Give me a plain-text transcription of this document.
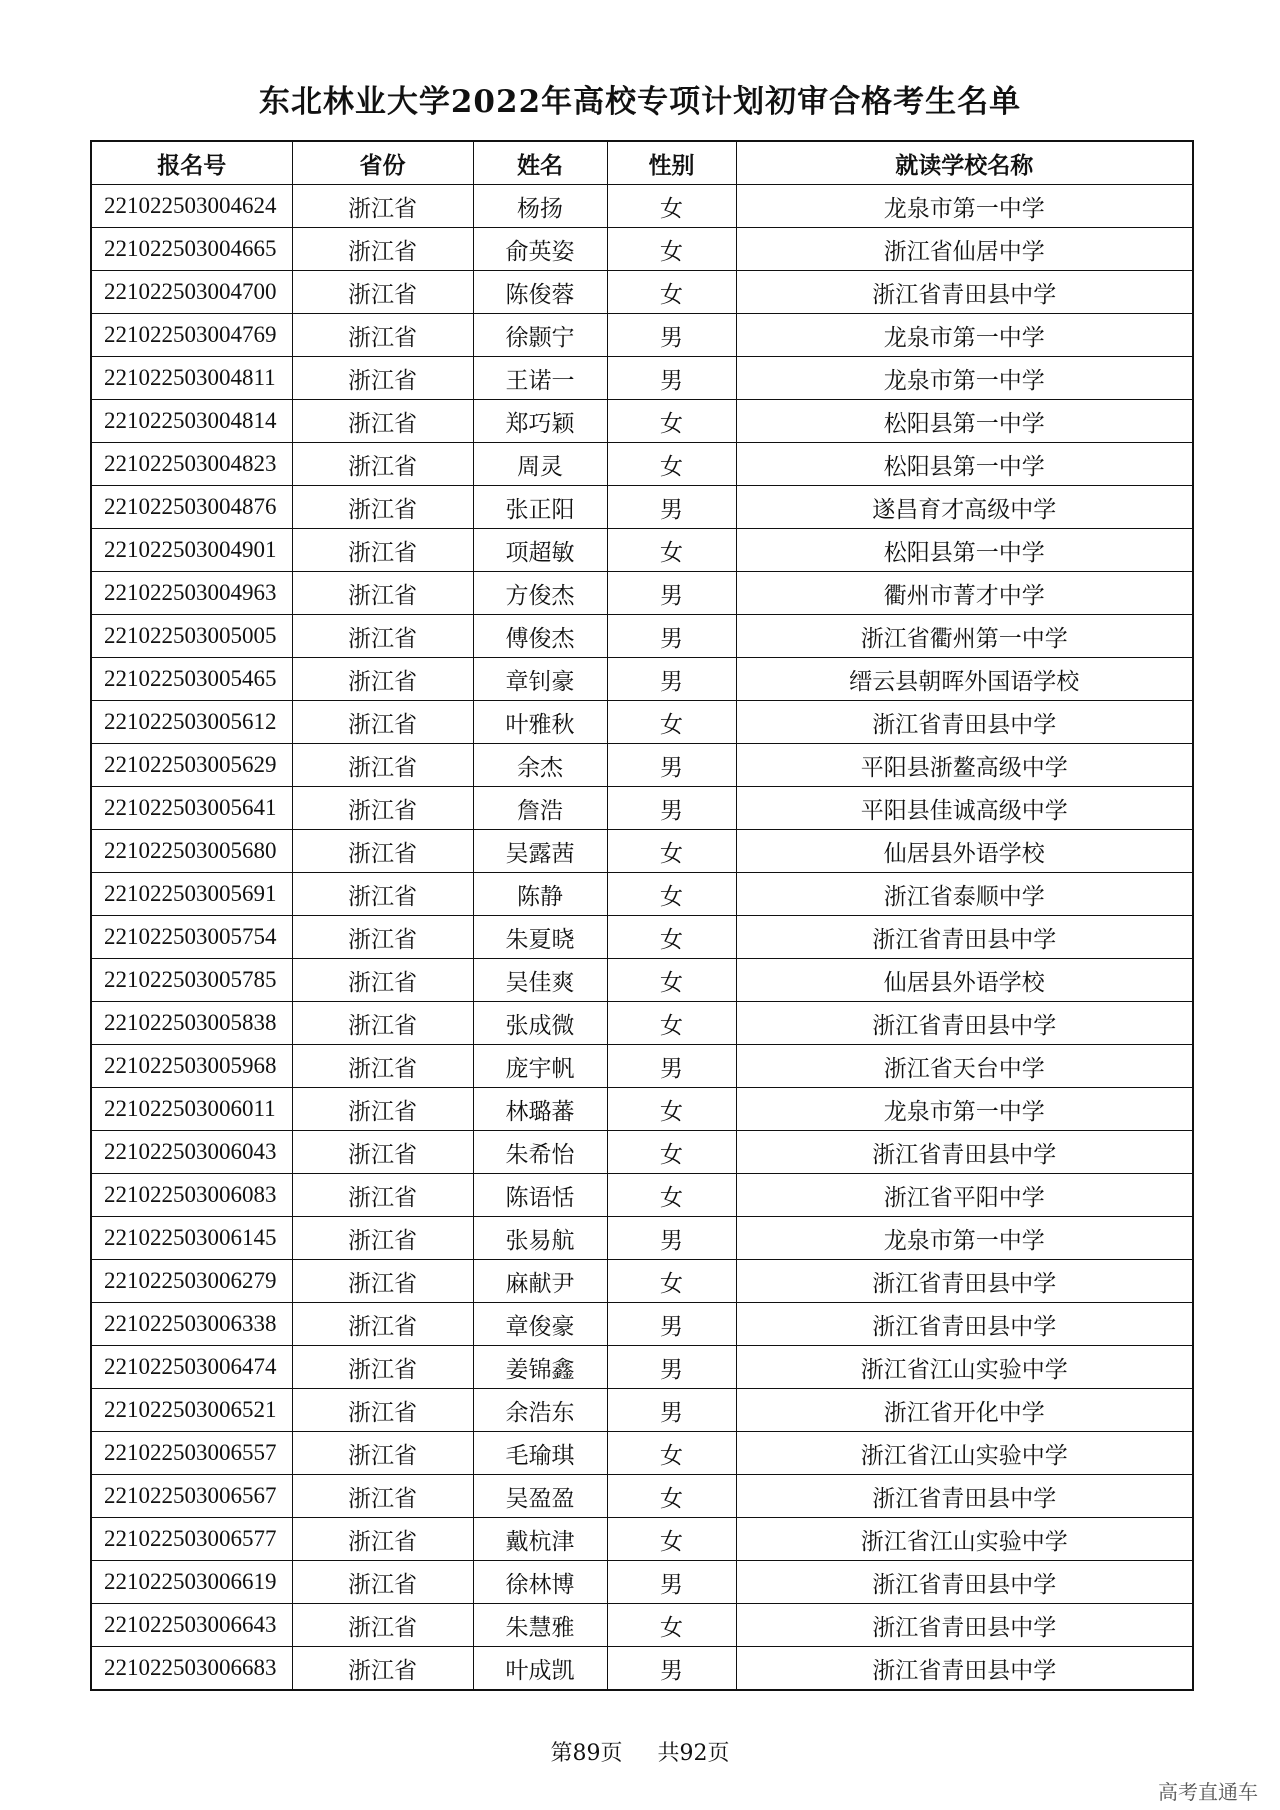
东北林业大学2022年高校专项计划初审合格考生名单
报名号	省份	姓名	性别	就读学校名称
221022503004624	浙江省	杨扬	女	龙泉市第一中学
221022503004665	浙江省	俞英姿	女	浙江省仙居中学
221022503004700	浙江省	陈俊蓉	女	浙江省青田县中学
221022503004769	浙江省	徐颢宁	男	龙泉市第一中学
221022503004811	浙江省	王诺一	男	龙泉市第一中学
221022503004814	浙江省	郑巧颖	女	松阳县第一中学
221022503004823	浙江省	周灵	女	松阳县第一中学
221022503004876	浙江省	张正阳	男	遂昌育才高级中学
221022503004901	浙江省	项超敏	女	松阳县第一中学
221022503004963	浙江省	方俊杰	男	衢州市菁才中学
221022503005005	浙江省	傅俊杰	男	浙江省衢州第一中学
221022503005465	浙江省	章钊豪	男	缙云县朝晖外国语学校
221022503005612	浙江省	叶雅秋	女	浙江省青田县中学
221022503005629	浙江省	余杰	男	平阳县浙鳌高级中学
221022503005641	浙江省	詹浩	男	平阳县佳诚高级中学
221022503005680	浙江省	吴露茜	女	仙居县外语学校
221022503005691	浙江省	陈静	女	浙江省泰顺中学
221022503005754	浙江省	朱夏晓	女	浙江省青田县中学
221022503005785	浙江省	吴佳爽	女	仙居县外语学校
221022503005838	浙江省	张成微	女	浙江省青田县中学
221022503005968	浙江省	庞宇帆	男	浙江省天台中学
221022503006011	浙江省	林璐蕃	女	龙泉市第一中学
221022503006043	浙江省	朱希怡	女	浙江省青田县中学
221022503006083	浙江省	陈语恬	女	浙江省平阳中学
221022503006145	浙江省	张易航	男	龙泉市第一中学
221022503006279	浙江省	麻献尹	女	浙江省青田县中学
221022503006338	浙江省	章俊豪	男	浙江省青田县中学
221022503006474	浙江省	姜锦鑫	男	浙江省江山实验中学
221022503006521	浙江省	余浩东	男	浙江省开化中学
221022503006557	浙江省	毛瑜琪	女	浙江省江山实验中学
221022503006567	浙江省	吴盈盈	女	浙江省青田县中学
221022503006577	浙江省	戴杭津	女	浙江省江山实验中学
221022503006619	浙江省	徐林博	男	浙江省青田县中学
221022503006643	浙江省	朱慧雅	女	浙江省青田县中学
221022503006683	浙江省	叶成凯	男	浙江省青田县中学
第89页 共92页
高考直通车
